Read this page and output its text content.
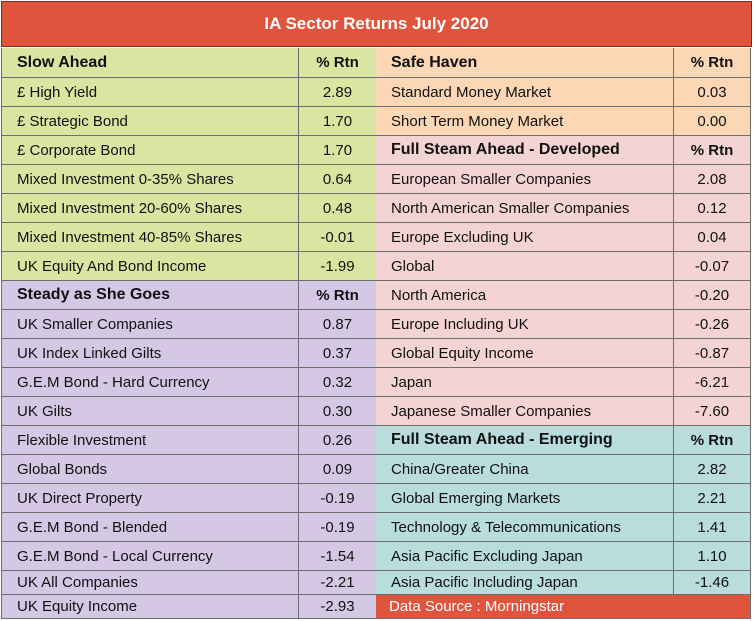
IA Sector Returns July 2020
Slow Ahead	% Rtn
£ High Yield	2.89
£ Strategic Bond	1.70
£ Corporate Bond	1.70
Mixed Investment 0-35% Shares	0.64
Mixed Investment 20-60% Shares	0.48
Mixed Investment 40-85% Shares	-0.01
UK Equity And Bond Income	-1.99
Steady as She Goes	% Rtn
UK Smaller Companies	0.87
UK Index Linked Gilts	0.37
G.E.M Bond - Hard Currency	0.32
UK Gilts	0.30
Flexible Investment	0.26
Global Bonds	0.09
UK Direct Property	-0.19
G.E.M Bond - Blended	-0.19
G.E.M Bond - Local Currency	-1.54
UK All Companies	-2.21
UK Equity Income	-2.93
Safe Haven	% Rtn
Standard Money Market	0.03
Short Term Money Market	0.00
Full Steam Ahead - Developed	% Rtn
European Smaller Companies	2.08
North American Smaller Companies	0.12
Europe Excluding UK	0.04
Global	-0.07
North America	-0.20
Europe Including UK	-0.26
Global Equity Income	-0.87
Japan	-6.21
Japanese Smaller Companies	-7.60
Full Steam Ahead - Emerging	% Rtn
China/Greater China	2.82
Global Emerging Markets	2.21
Technology & Telecommunications	1.41
Asia Pacific Excluding Japan	1.10
Asia Pacific Including Japan	-1.46
Data Source : Morningstar
